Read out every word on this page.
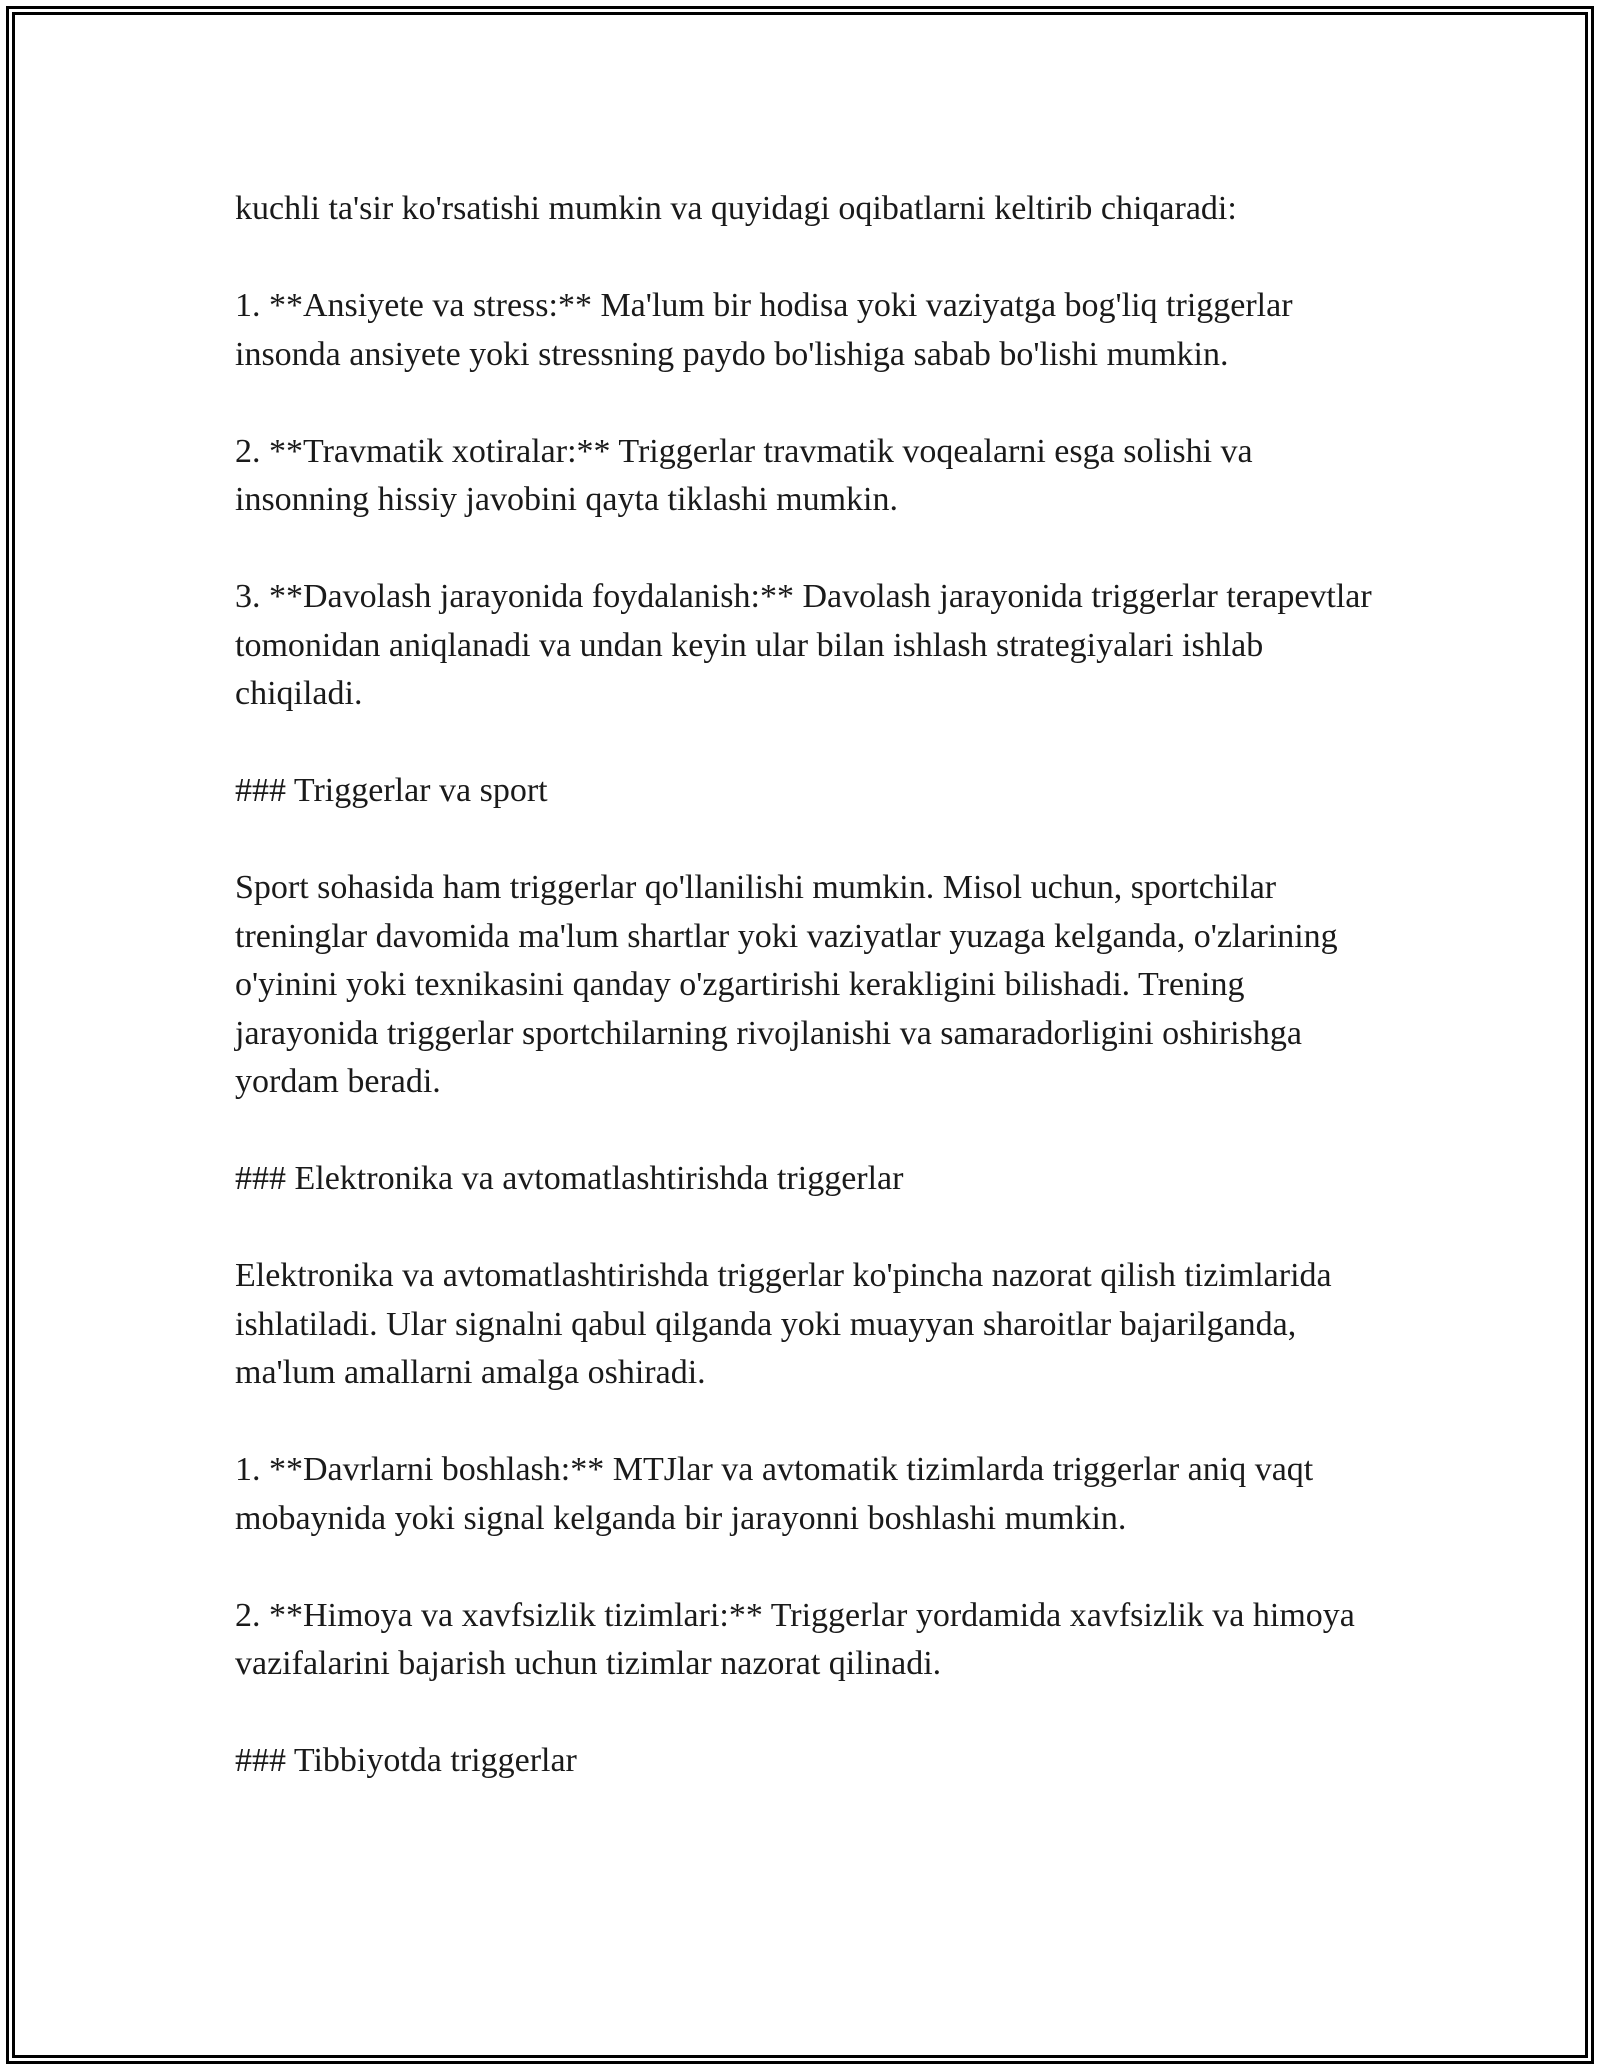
kuchli ta'sir ko'rsatishi mumkin va quyidagi oqibatlarni keltirib chiqaradi:

1. **Ansiyete va stress:** Ma'lum bir hodisa yoki vaziyatga bog'liq triggerlar insonda ansiyete yoki stressning paydo bo'lishiga sabab bo'lishi mumkin.

2. **Travmatik xotiralar:** Triggerlar travmatik voqealarni esga solishi va insonning hissiy javobini qayta tiklashi mumkin.

3. **Davolash jarayonida foydalanish:** Davolash jarayonida triggerlar terapevtlar tomonidan aniqlanadi va undan keyin ular bilan ishlash strategiyalari ishlab chiqiladi.

### Triggerlar va sport

Sport sohasida ham triggerlar qo'llanilishi mumkin. Misol uchun, sportchilar treninglar davomida ma'lum shartlar yoki vaziyatlar yuzaga kelganda, o'zlarining o'yinini yoki texnikasini qanday o'zgartirishi kerakligini bilishadi. Trening jarayonida triggerlar sportchilarning rivojlanishi va samaradorligini oshirishga yordam beradi.

### Elektronika va avtomatlashtirishda triggerlar

Elektronika va avtomatlashtirishda triggerlar ko'pincha nazorat qilish tizimlarida ishlatiladi. Ular signalni qabul qilganda yoki muayyan sharoitlar bajarilganda, ma'lum amallarni amalga oshiradi.

1. **Davrlarni boshlash:** MTJlar va avtomatik tizimlarda triggerlar aniq vaqt mobaynida yoki signal kelganda bir jarayonni boshlashi mumkin.

2. **Himoya va xavfsizlik tizimlari:** Triggerlar yordamida xavfsizlik va himoya vazifalarini bajarish uchun tizimlar nazorat qilinadi.

### Tibbiyotda triggerlar
